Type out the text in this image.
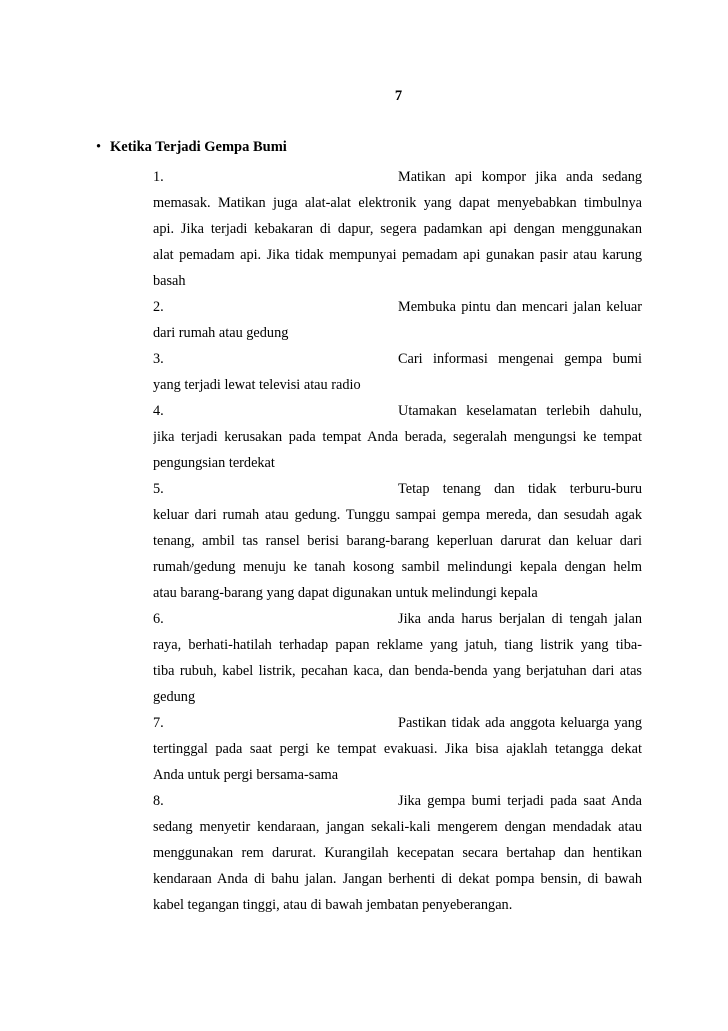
7
• Ketika Terjadi Gempa Bumi
1.	Matikan api kompor jika anda sedang
memasak. Matikan juga alat-alat elektronik yang dapat menyebabkan timbulnya
api. Jika terjadi kebakaran di dapur, segera padamkan api dengan menggunakan
alat pemadam api. Jika tidak mempunyai pemadam api gunakan pasir atau karung
basah
2.	Membuka pintu dan mencari jalan keluar
dari rumah atau gedung
3.	Cari informasi mengenai gempa bumi
yang terjadi lewat televisi atau radio
4.	Utamakan keselamatan terlebih dahulu,
jika terjadi kerusakan pada tempat Anda berada, segeralah mengungsi ke tempat
pengungsian terdekat
5.	Tetap tenang dan tidak terburu-buru
keluar dari rumah atau gedung. Tunggu sampai gempa mereda, dan sesudah agak
tenang, ambil tas ransel berisi barang-barang keperluan darurat dan keluar dari
rumah/gedung menuju ke tanah kosong sambil melindungi kepala dengan helm
atau barang-barang yang dapat digunakan untuk melindungi kepala
6.	Jika anda harus berjalan di tengah jalan
raya, berhati-hatilah terhadap papan reklame yang jatuh, tiang listrik yang tiba-
tiba rubuh, kabel listrik, pecahan kaca, dan benda-benda yang berjatuhan dari atas
gedung
7.	Pastikan tidak ada anggota keluarga yang
tertinggal pada saat pergi ke tempat evakuasi. Jika bisa ajaklah tetangga dekat
Anda untuk pergi bersama-sama
8.	Jika gempa bumi terjadi pada saat Anda
sedang menyetir kendaraan, jangan sekali-kali mengerem dengan mendadak atau
menggunakan rem darurat. Kurangilah kecepatan secara bertahap dan hentikan
kendaraan Anda di bahu jalan. Jangan berhenti di dekat pompa bensin, di bawah
kabel tegangan tinggi, atau di bawah jembatan penyeberangan.
